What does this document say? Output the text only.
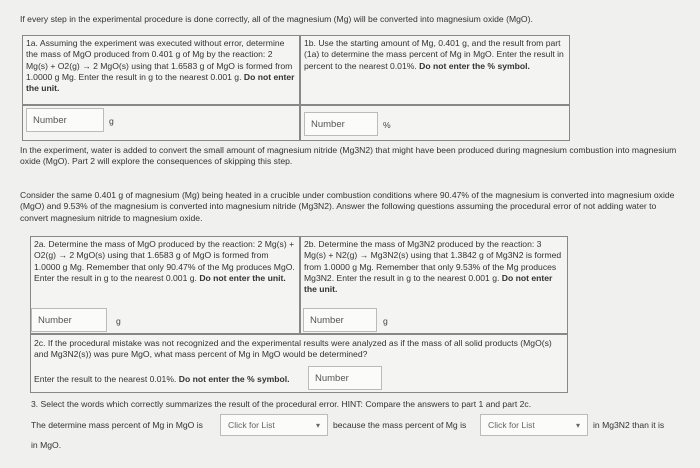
If every step in the experimental procedure is done correctly, all of the magnesium (Mg) will be converted into magnesium oxide (MgO).
1a. Assuming the experiment was executed without error, determine the mass of MgO produced from 0.401 g of Mg by the reaction: 2 Mg(s) + O2(g) → 2 MgO(s) using that 1.6583 g of MgO is formed from 1.0000 g Mg. Enter the result in g to the nearest 0.001 g. Do not enter the unit.
1b. Use the starting amount of Mg, 0.401 g, and the result from part (1a) to determine the mass percent of Mg in MgO. Enter the result in percent to the nearest 0.01%. Do not enter the % symbol.
Number	g	Number	%
In the experiment, water is added to convert the small amount of magnesium nitride (Mg3N2) that might have been produced during magnesium combustion into magnesium oxide (MgO). Part 2 will explore the consequences of skipping this step.
Consider the same 0.401 g of magnesium (Mg) being heated in a crucible under combustion conditions where 90.47% of the magnesium is converted into magnesium oxide (MgO) and 9.53% of the magnesium is converted into magnesium nitride (Mg3N2). Answer the following questions assuming the procedural error of not adding water to convert magnesium nitride to magnesium oxide.
2a. Determine the mass of MgO produced by the reaction: 2 Mg(s) + O2(g) → 2 MgO(s) using that 1.6583 g of MgO is formed from 1.0000 g Mg. Remember that only 90.47% of the Mg produces MgO. Enter the result in g to the nearest 0.001 g. Do not enter the unit.
2b. Determine the mass of Mg3N2 produced by the reaction: 3 Mg(s) + N2(g) → Mg3N2(s) using that 1.3842 g of Mg3N2 is formed from 1.0000 g Mg. Remember that only 9.53% of the Mg produces Mg3N2. Enter the result in g to the nearest 0.001 g. Do not enter the unit.
Number	g	Number	g
2c. If the procedural mistake was not recognized and the experimental results were analyzed as if the mass of all solid products (MgO(s) and Mg3N2(s)) was pure MgO, what mass percent of Mg in MgO would be determined?
Enter the result to the nearest 0.01%. Do not enter the % symbol.	Number
3. Select the words which correctly summarizes the result of the procedural error. HINT: Compare the answers to part 1 and part 2c.
The determine mass percent of Mg in MgO is	Click for List	▾ because the mass percent of Mg is	Click for List	▾ in Mg3N2 than it is
in MgO.
